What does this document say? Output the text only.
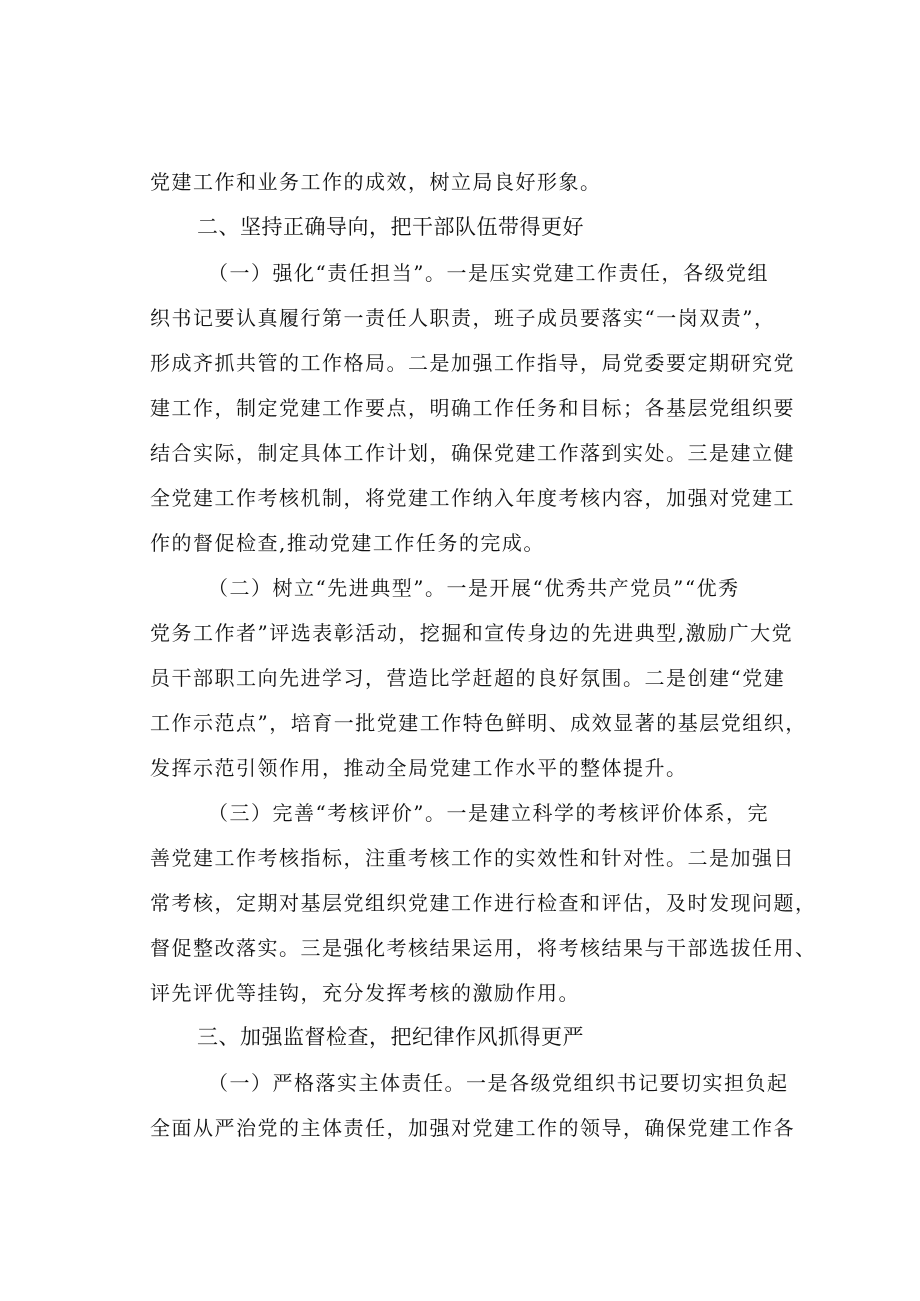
党建工作和业务工作的成效，树立局良好形象。
二、坚持正确导向，把干部队伍带得更好
（一）强化“责任担当”。一是压实党建工作责任，各级党组
织书记要认真履行第一责任人职责，班子成员要落实“一岗双责”，
形成齐抓共管的工作格局。二是加强工作指导，局党委要定期研究党
建工作，制定党建工作要点，明确工作任务和目标；各基层党组织要
结合实际，制定具体工作计划，确保党建工作落到实处。三是建立健
全党建工作考核机制，将党建工作纳入年度考核内容，加强对党建工
作的督促检查,推动党建工作任务的完成。
（二）树立“先进典型”。一是开展“优秀共产党员”“优秀
党务工作者”评选表彰活动，挖掘和宣传身边的先进典型,激励广大党
员干部职工向先进学习，营造比学赶超的良好氛围。二是创建“党建
工作示范点”，培育一批党建工作特色鲜明、成效显著的基层党组织，
发挥示范引领作用，推动全局党建工作水平的整体提升。
（三）完善“考核评价”。一是建立科学的考核评价体系，完
善党建工作考核指标，注重考核工作的实效性和针对性。二是加强日
常考核，定期对基层党组织党建工作进行检查和评估，及时发现问题，
督促整改落实。三是强化考核结果运用，将考核结果与干部选拔任用、
评先评优等挂钩，充分发挥考核的激励作用。
三、加强监督检查，把纪律作风抓得更严
（一）严格落实主体责任。一是各级党组织书记要切实担负起
全面从严治党的主体责任，加强对党建工作的领导，确保党建工作各
